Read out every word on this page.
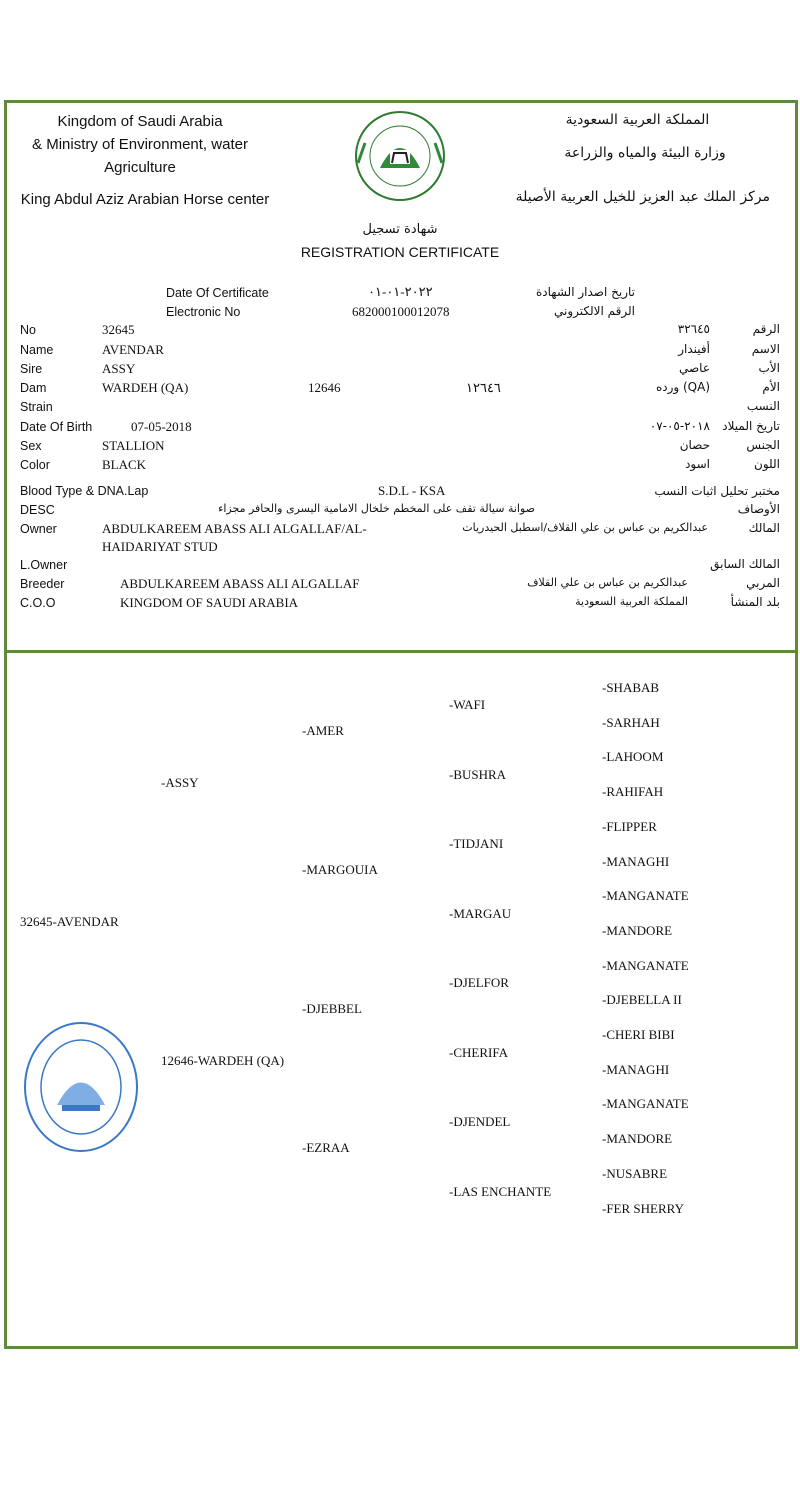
Kingdom of Saudi Arabia
& Ministry of Environment, water
Agriculture
King Abdul Aziz Arabian Horse center
المملكة العربية السعودية
وزارة البيئة والمياه والزراعة
مركز الملك عبد العزيز للخيل العربية الأصيلة
شهادة تسجيل
REGISTRATION CERTIFICATE
Date Of Certificate	٢٠٢٢-٠١-٠١	تاريخ اصدار الشهادة
Electronic No	682000100012078	الرقم الالكتروني
No	32645	٣٢٦٤٥	الرقم
Name	AVENDAR	أفيندار	الاسم
Sire	ASSY	عاصي	الأب
Dam	WARDEH (QA)	12646	١٢٦٤٦	(QA) ورده	الأم
Strain	النسب
Date Of Birth	07-05-2018	٢٠١٨-٠٥-٠٧	تاريخ الميلاد
Sex	STALLION	حصان	الجنس
Color	BLACK	اسود	اللون
Blood Type & DNA.Lap	S.D.L - KSA	مختبر تحليل اثبات النسب
DESC	صوانة سيالة تقف على المخطم خلخال الامامية اليسرى والحافر مجزاء	الأوصاف
Owner	ABDULKAREEM ABASS ALI ALGALLAF/AL-
HAIDARIYAT STUD
عبدالكريم بن عباس بن علي القلاف/اسطبل الحيدريات	المالك
L.Owner	المالك السابق
Breeder	ABDULKAREEM ABASS ALI ALGALLAF	عبدالكريم بن عباس بن علي القلاف	المربي
C.O.O	KINGDOM OF SAUDI ARABIA	المملكة العربية السعودية	بلد المنشأ
32645-AVENDAR
-ASSY
12646-WARDEH (QA)
-AMER
-MARGOUIA
-DJEBBEL
-EZRAA
-WAFI
-BUSHRA
-TIDJANI
-MARGAU
-DJELFOR
-CHERIFA
-DJENDEL
-LAS ENCHANTE
-SHABAB
-SARHAH
-LAHOOM
-RAHIFAH
-FLIPPER
-MANAGHI
-MANGANATE
-MANDORE
-MANGANATE
-DJEBELLA II
-CHERI BIBI
-MANAGHI
-MANGANATE
-MANDORE
-NUSABRE
-FER SHERRY
